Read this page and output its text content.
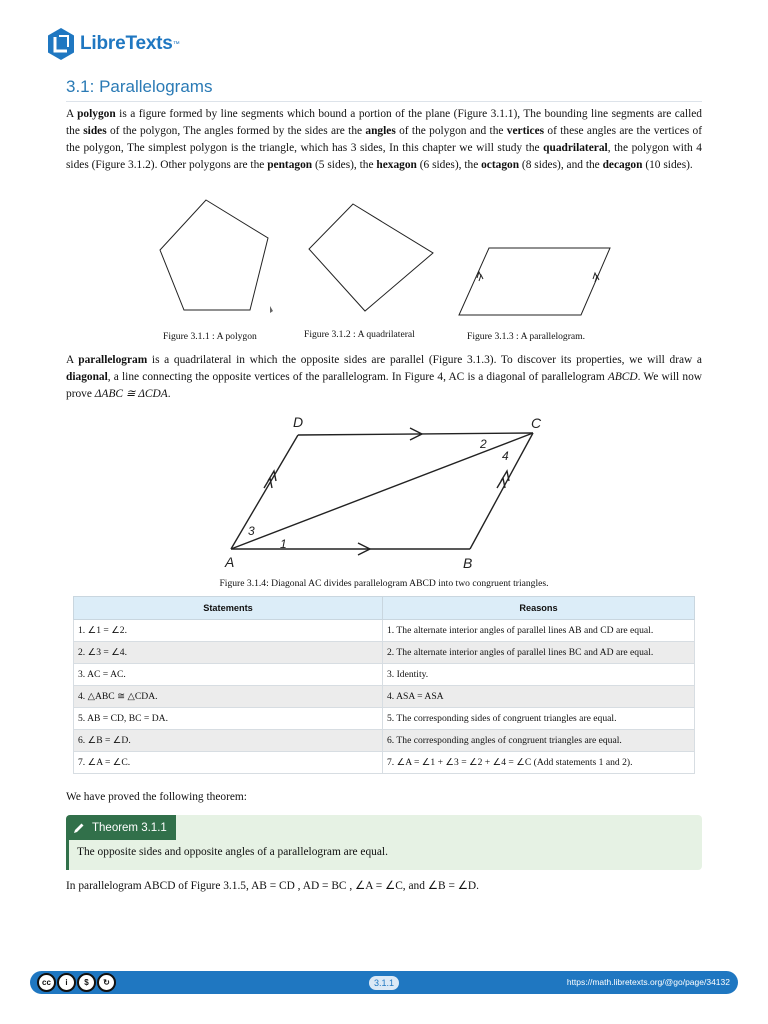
LibreTexts ™
3.1: Parallelograms

A polygon is a figure formed by line segments which bound a portion of the plane (Figure 3.1.1), The bounding line segments are called the sides of the polygon, The angles formed by the sides are the angles of the polygon and the vertices of these angles are the vertices of the polygon, The simplest polygon is the triangle, which has 3 sides, In this chapter we will study the quadrilateral, the polygon with 4 sides (Figure 3.1.2). Other polygons are the pentagon (5 sides), the hexagon (6 sides), the octagon (8 sides), and the decagon (10 sides).

Figure 3.1.1 : A polygon	Figure 3.1.2 : A quadrilateral	Figure 3.1.3 : A parallelogram.

A parallelogram is a quadrilateral in which the opposite sides are parallel (Figure 3.1.3). To discover its properties, we will draw a diagonal, a line connecting the opposite vertices of the parallelogram. In Figure 4, AC is a diagonal of parallelogram ABCD. We will now prove ΔABC ≅ ΔCDA.

D	C
A	B
1
2
3
4
Figure 3.1.4: Diagonal AC divides parallelogram ABCD into two congruent triangles.
Statements	Reasons
1. ∠1 = ∠2.	1. The alternate interior angles of parallel lines AB and CD are equal.
2. ∠3 = ∠4.	2. The alternate interior angles of parallel lines BC and AD are equal.
3. AC = AC.	3. Identity.
4. △ABC ≅ △CDA.	4. ASA = ASA
5. AB = CD, BC = DA.	5. The corresponding sides of congruent triangles are equal.
6. ∠B = ∠D.	6. The corresponding angles of congruent triangles are equal.
7. ∠A = ∠C.	7. ∠A = ∠1 + ∠3 = ∠2 + ∠4 = ∠C (Add statements 1 and 2).

We have proved the following theorem:

Theorem 3.1.1
The opposite sides and opposite angles of a parallelogram are equal.

In parallelogram ABCD of Figure 3.1.5, AB = CD , AD = BC , ∠A = ∠C, and ∠B = ∠D.

cc	i	$	↻	3.1.1	https://math.libretexts.org/@go/page/34132
